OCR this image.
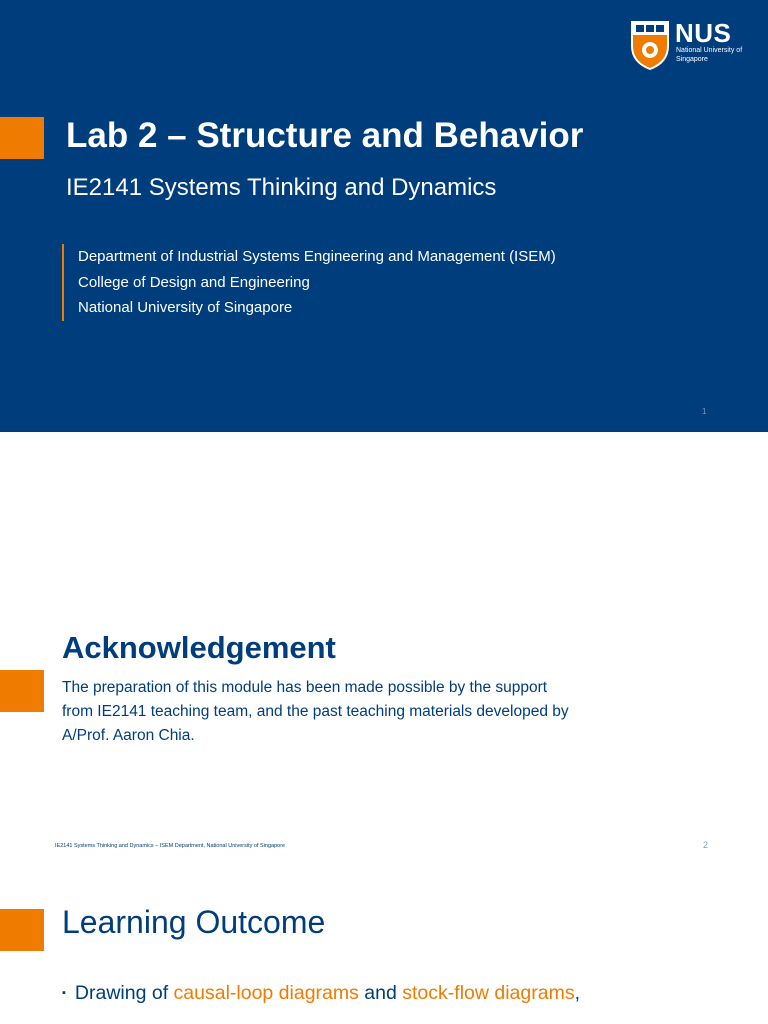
NUS
National University of Singapore
Lab 2 – Structure and Behavior
IE2141 Systems Thinking and Dynamics
Department of Industrial Systems Engineering and Management (ISEM)
College of Design and Engineering
National University of Singapore
1
Acknowledgement
The preparation of this module has been made possible by the support from IE2141 teaching team, and the past teaching materials developed by A/Prof. Aaron Chia.
IE2141 Systems Thinking and Dynamics – ISEM Department, National University of Singapore	2
Learning Outcome
▪ Drawing of causal-loop diagrams and stock-flow diagrams,
